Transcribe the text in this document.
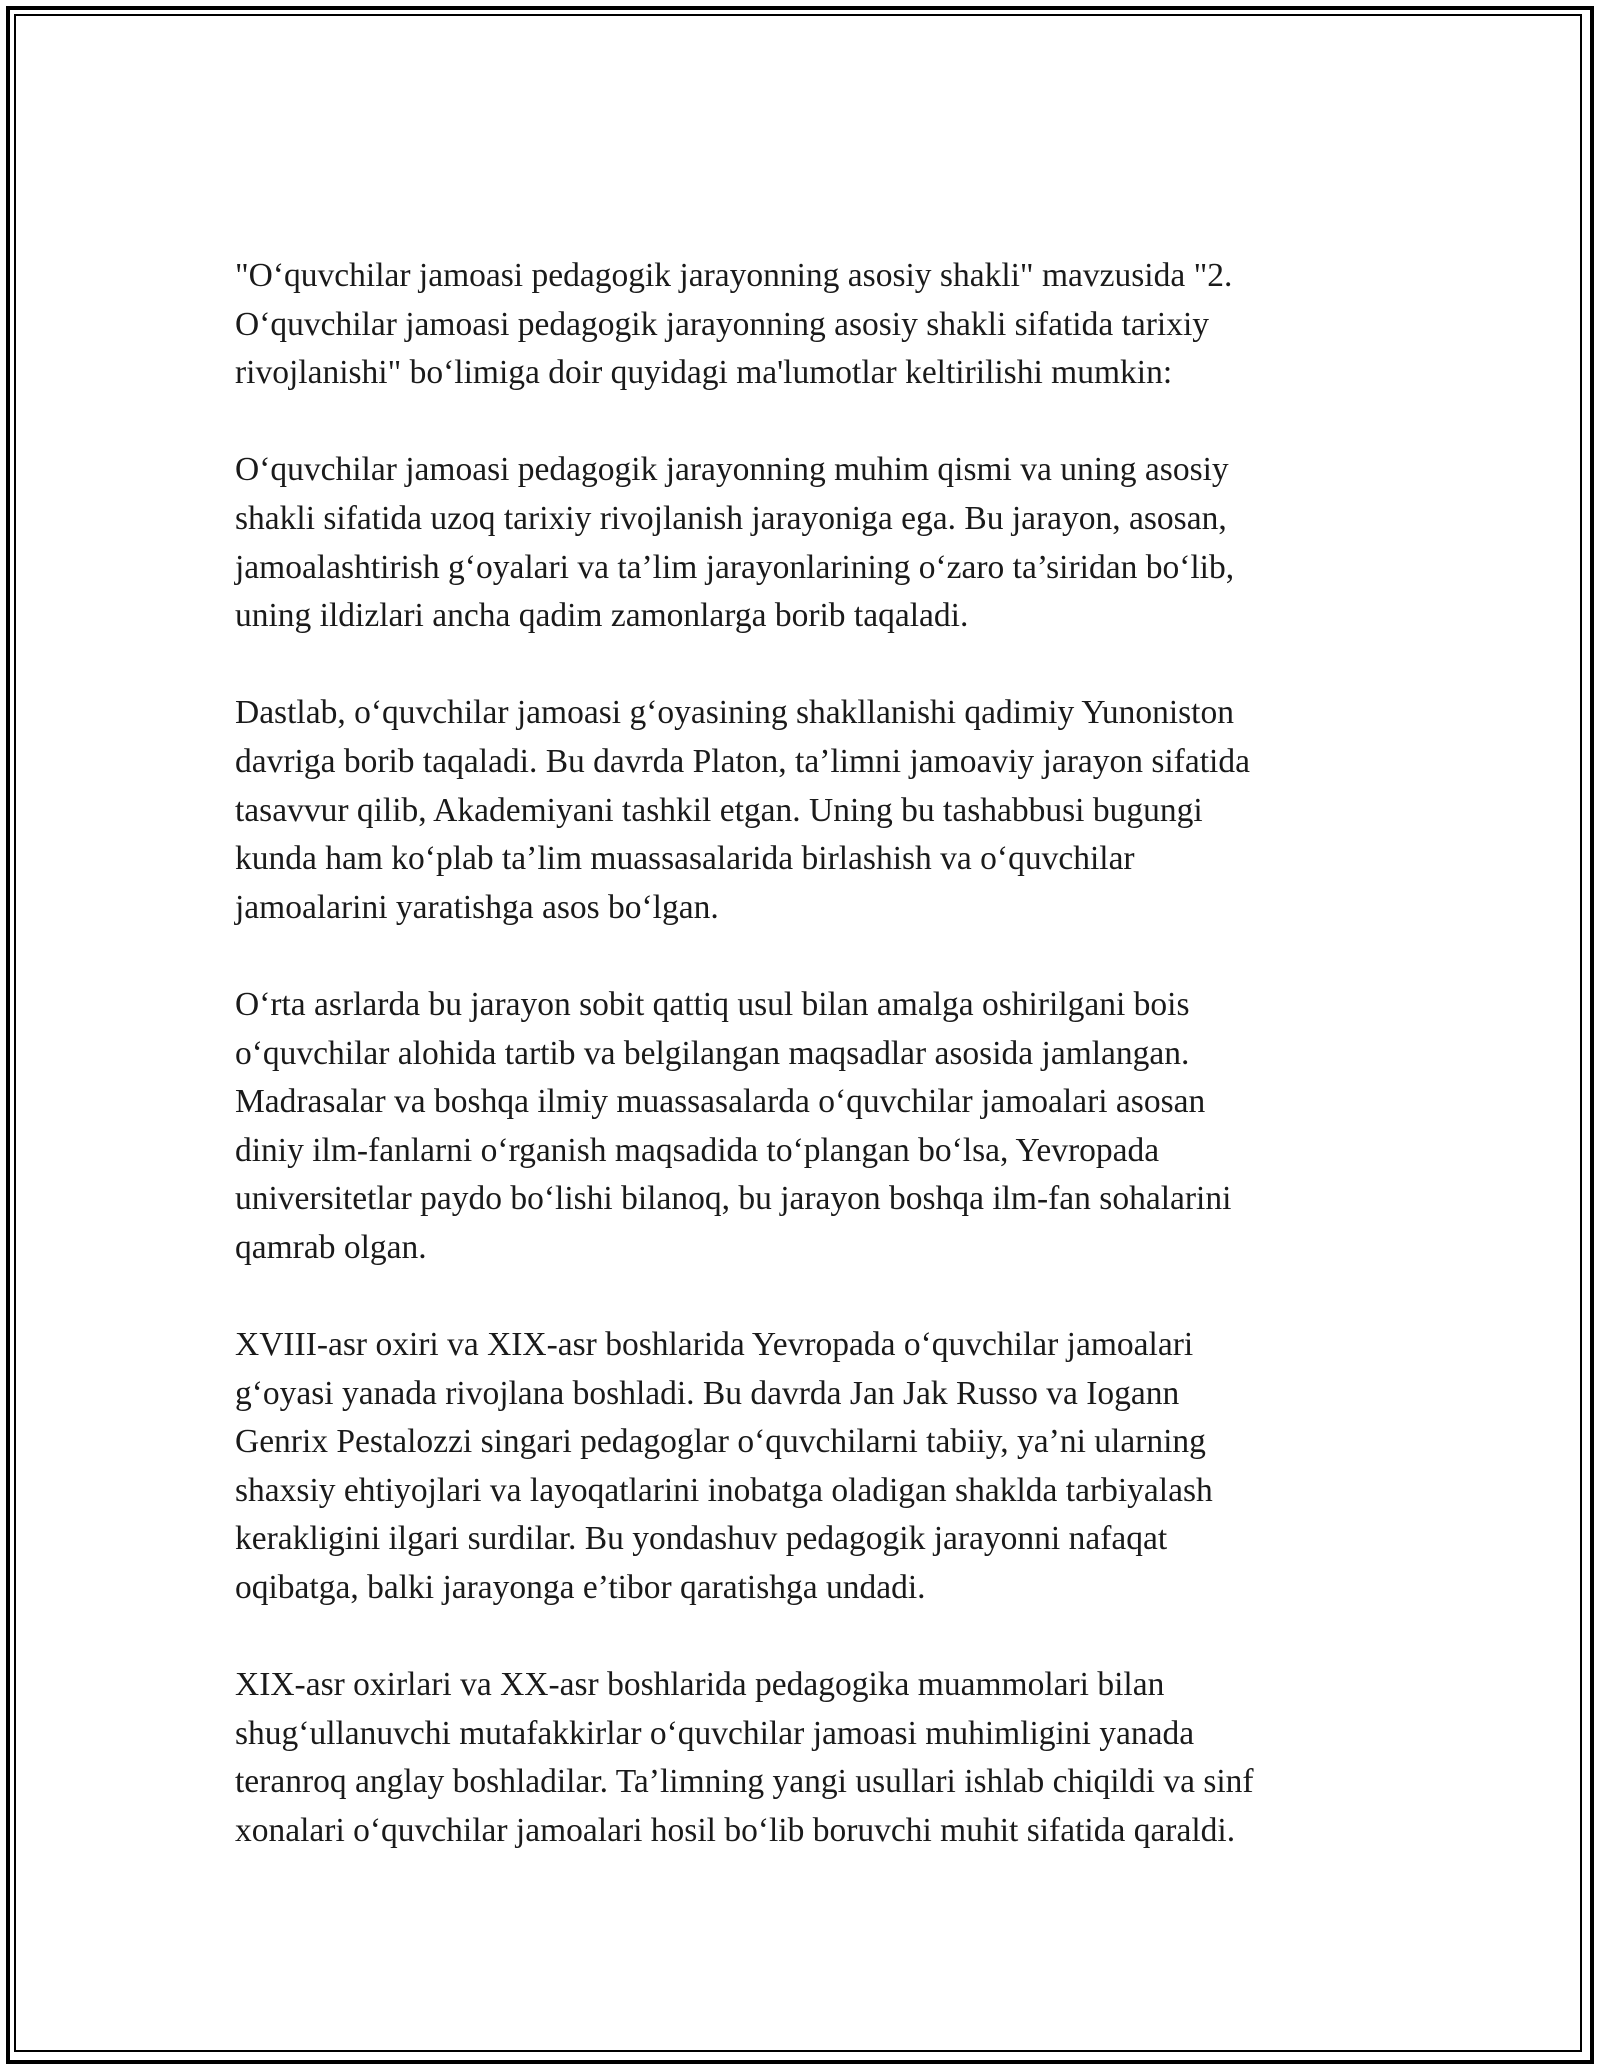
"O‘quvchilar jamoasi pedagogik jarayonning asosiy shakli" mavzusida "2.
O‘quvchilar jamoasi pedagogik jarayonning asosiy shakli sifatida tarixiy
rivojlanishi" bo‘limiga doir quyidagi ma'lumotlar keltirilishi mumkin:

O‘quvchilar jamoasi pedagogik jarayonning muhim qismi va uning asosiy
shakli sifatida uzoq tarixiy rivojlanish jarayoniga ega. Bu jarayon, asosan,
jamoalashtirish g‘oyalari va ta’lim jarayonlarining o‘zaro ta’siridan bo‘lib,
uning ildizlari ancha qadim zamonlarga borib taqaladi.

Dastlab, o‘quvchilar jamoasi g‘oyasining shakllanishi qadimiy Yunoniston
davriga borib taqaladi. Bu davrda Platon, ta’limni jamoaviy jarayon sifatida
tasavvur qilib, Akademiyani tashkil etgan. Uning bu tashabbusi bugungi
kunda ham ko‘plab ta’lim muassasalarida birlashish va o‘quvchilar
jamoalarini yaratishga asos bo‘lgan.

O‘rta asrlarda bu jarayon sobit qattiq usul bilan amalga oshirilgani bois
o‘quvchilar alohida tartib va belgilangan maqsadlar asosida jamlangan.
Madrasalar va boshqa ilmiy muassasalarda o‘quvchilar jamoalari asosan
diniy ilm-fanlarni o‘rganish maqsadida to‘plangan bo‘lsa, Yevropada
universitetlar paydo bo‘lishi bilanoq, bu jarayon boshqa ilm-fan sohalarini
qamrab olgan.

XVIII-asr oxiri va XIX-asr boshlarida Yevropada o‘quvchilar jamoalari
g‘oyasi yanada rivojlana boshladi. Bu davrda Jan Jak Russo va Iogann
Genrix Pestalozzi singari pedagoglar o‘quvchilarni tabiiy, ya’ni ularning
shaxsiy ehtiyojlari va layoqatlarini inobatga oladigan shaklda tarbiyalash
kerakligini ilgari surdilar. Bu yondashuv pedagogik jarayonni nafaqat
oqibatga, balki jarayonga e’tibor qaratishga undadi.

XIX-asr oxirlari va XX-asr boshlarida pedagogika muammolari bilan
shug‘ullanuvchi mutafakkirlar o‘quvchilar jamoasi muhimligini yanada
teranroq anglay boshladilar. Ta’limning yangi usullari ishlab chiqildi va sinf
xonalari o‘quvchilar jamoalari hosil bo‘lib boruvchi muhit sifatida qaraldi.
